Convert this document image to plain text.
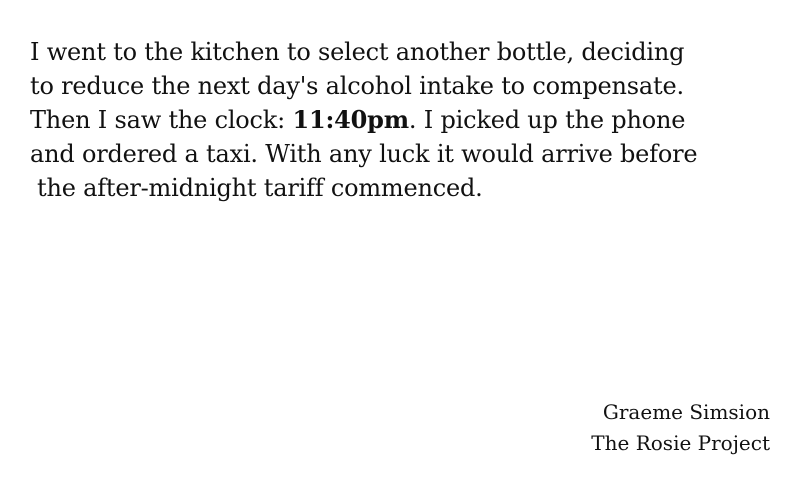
I went to the kitchen to select another bottle, deciding
to reduce the next day's alcohol intake to compensate.
Then I saw the clock: 11:40pm. I picked up the phone
and ordered a taxi. With any luck it would arrive before
the after-midnight tariff commenced.
Graeme Simsion
The Rosie Project
